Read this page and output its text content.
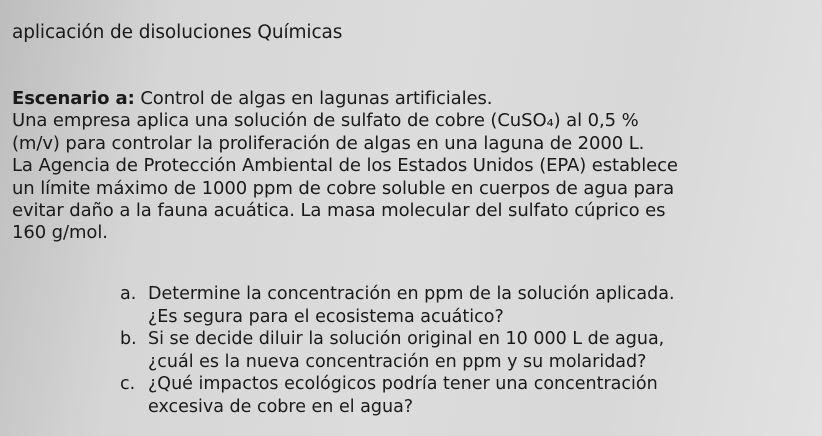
aplicación de disoluciones Químicas
Escenario a: Control de algas en lagunas artificiales.
Una empresa aplica una solución de sulfato de cobre (CuSO₄) al 0,5 %
(m/v) para controlar la proliferación de algas en una laguna de 2000 L.
La Agencia de Protección Ambiental de los Estados Unidos (EPA) establece
un límite máximo de 1000 ppm de cobre soluble en cuerpos de agua para
evitar daño a la fauna acuática. La masa molecular del sulfato cúprico es
160 g/mol.
a. Determine la concentración en ppm de la solución aplicada.
¿Es segura para el ecosistema acuático?
b. Si se decide diluir la solución original en 10 000 L de agua,
¿cuál es la nueva concentración en ppm y su molaridad?
c. ¿Qué impactos ecológicos podría tener una concentración
excesiva de cobre en el agua?
